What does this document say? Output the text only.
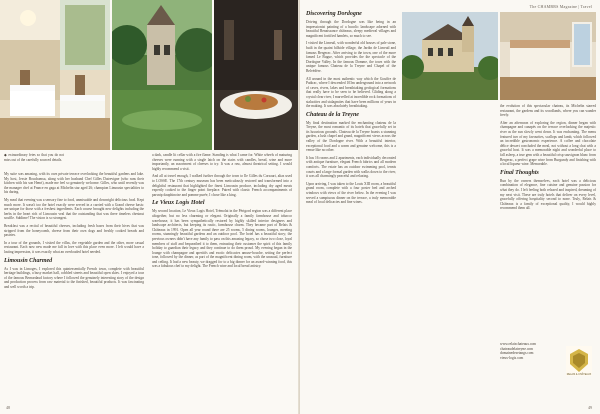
◆ extraordinary fetes so that you do not miss out of the carefully sourced details.

My suite was amazing, with its own private terrace overlooking the beautiful gardens and lake. My host, Jessie Bouchamsa, along with her husband Chef Gilles Dutrevigne (who runs their kitchen with his son Henri), made me feel so genuinely welcome. Gilles, who until recently was the manager chef at France en gaga at Michelin star aged 26; champion Limousin specialities to his daring.

My meal that evening was a sensory fine to food, unmissable and downright delicious food. Kept much more. It wasn't too the hotel exactly were served in a carried with a Grand cheese basis: are unique for those with a freshest ingredients. Each course brought new delights including the herbs in the heart rich of Limousin veal that the outstanding that was there timeless chestnut souffle. Sublime! The vision is so strongest.

Breakfast was a recital of beautiful cheeses, including fresh bases from their hives that was stripped from the honeycomb, cheese from their own dogs and freshly cooked breads and pastries.

In a tour of the grounds, I visited the villas, the vegetable garden and the other, more casual restaurant. Each now new made me fall in love with this place even more. I left would have a lasting impression, it was exactly what an overloaded hotel needed.

Limousin Charmed

As I was in Limoges, I explored this quintessentially French town, complete with beautiful heritage buildings, a busy market hall, cobbled streets and beautiful open skies. I enjoyed a tour of the famous Bernardaud factory where I followed the genuinely interesting story of the design and production process from raw material to the finished, beautiful products. It was fascinating and well worth a trip.

a dark, candle lit cellar with a fire flame. Standing is what I came for. White wheels of maturing cheeses were running with a single latch on the stairs with candles, bread, wine and more importantly, an assortment of cheeses to try. It was a raw, almost theatrical setting. I would highly recommend a visit.

And all at travel enough, I walked further through the town to Ile Gilles du Corsauri, alias used to LOSSE. The 17th century museum has been meticulously restored and transformed into a delightful restaurant that highlighted the finest Limousin produce, including dry aged meats expertly cooked to the finger point fireplace. Paired with classic French accompaniments of parsnip dauphinoise and pomme purée, I chose like a king.

Le Vieux Logis Hotel

My second location, Le Vieux Logis Hotel, Trémolat in the Périgord region was a different place altogether, but no less charming or elegant. Originally a family farmhouse and tobacco warehouse, it has been sympathetically restored by highly skilled interior designers and landscape architects, but keeping its rustic, farmhouse charm. They became part of Relais & Châteaux in 1991. Open all year round there are 25 rooms, 5 dining rooms, lounges, meeting rooms, stunningly beautiful gardens and an outdoor pool. The hotel has a beautiful story; the previous owners didn't have any family to pass on this amazing legacy, so chose two close, loyal members of staff and bequeathed it to them, entrusting their customer the spirit of this family holiday to guardian their legacy and they continue to do them proud. My evening began in the lounge with champagne and aperitifs and exotic delicacies amuse-bouche, setting the perfect tone, followed by the dinner, as part of the magnificent dining room, with the unusual, furniture and ceiling. It had a new beauty, we dragged for to a big dinner for an award-winning food, this was a fabulous chef to my delight. The French wine and local bread artistry.

48
The CHAMBRS Magazine | Travel
Discovering Dordogne

Driving through the Dordogne was like being in an impressionist painting of a bucolic landscape adorned with beautiful Renaissance châteaux, sleepy medieval villages and magnificent fortified hamlets, so much to see.

I visited the Limeuil, with wonderful old houses of pale stone, built in the quaint hillside village, the Jardin de Limeuil and famous Bergerac. After arriving to the town, one of the more famed Le Bugue, which provides the the spectacle of the Dordogne Valley. In the famous Domme, the town with the unique famous Chateau de la Treyne and Chapel of the Belvédère.

All around in the most authentic way which the Gouffre de Padirac, where I descended 103m underground into a network of caves, rivers, lakes and breathtaking geological formations that really have to be seen to be believed. Gliding along a crystal clear river, I marvelled at incredible rock formations of stalactites and stalagmites that have been millions of years in the making. It was absolutely breathtaking.

Chateau de la Treyne

My final destination marked the enchanting chateau de la Treyne, the most romantic of its hotels that gracefully set in its luxurious grounds. Chateau de la Treyne boasts a stunning garden, a lush chapel and grand, magnificent views across the valley of the Dordogne river. With a beautiful interior, exceptional food and a warm and genuine welcome, this is a venue like no other.

It has 16 rooms and 2 apartments, each individually decorated with antique furniture, elegant French fabrics and all modern comforts. The estate has an outdoor swimming pool, tennis courts and a large formal garden with walks down to the river, it was all charmingly peaceful and relaxing.

Upon arriving, I was taken to the Louis XIII room, a beautiful grand room, complete with a four poster bed and arched windows with views of the river below. In the evening I was served a sumptuous dinner on the terrace, a truly memorable meal of local delicacies and fine wines.

the evolution of this spectacular chateau, its Michelin starred restaurant, the gardens and its woodlands, where you can wander freely.

After an afternoon of exploring the region, dinner began with champagne and canapés on the terrace overlooking the majestic river as the sun slowly went down. It was enchanting. The menu featured two of my favourites, scallops and lamb, which followed an incredible gastronomic experience. A coffee and chocolate délice dessert concluded the meal, not without a long chat with a graceful host. It was a memorable night and wonderful place to fall asleep, a true gem with a beautiful crisp sauvignon blanc from Bergerac, a perfect grape wine from Burgundy and finishing with a local liqueur wine. Memorable.

Final Thoughts

Run by the owners themselves, each hotel was a delicious combination of elegance, fine cuisine and genuine passion for what they do. I left feeling both relaxed and inspired, dreaming of my next visit. These are truly hotels that deliver on every level, gracefully offering hospitality second to none. Truly, Relais & Châteaux is a family of exceptional quality, I would highly recommend them all.

www.relaischateaux.com
chateaudelatreyne.com
domainedesetangs.com
vieux-logis.com
RELAIS & CHÂTEAUX
49
